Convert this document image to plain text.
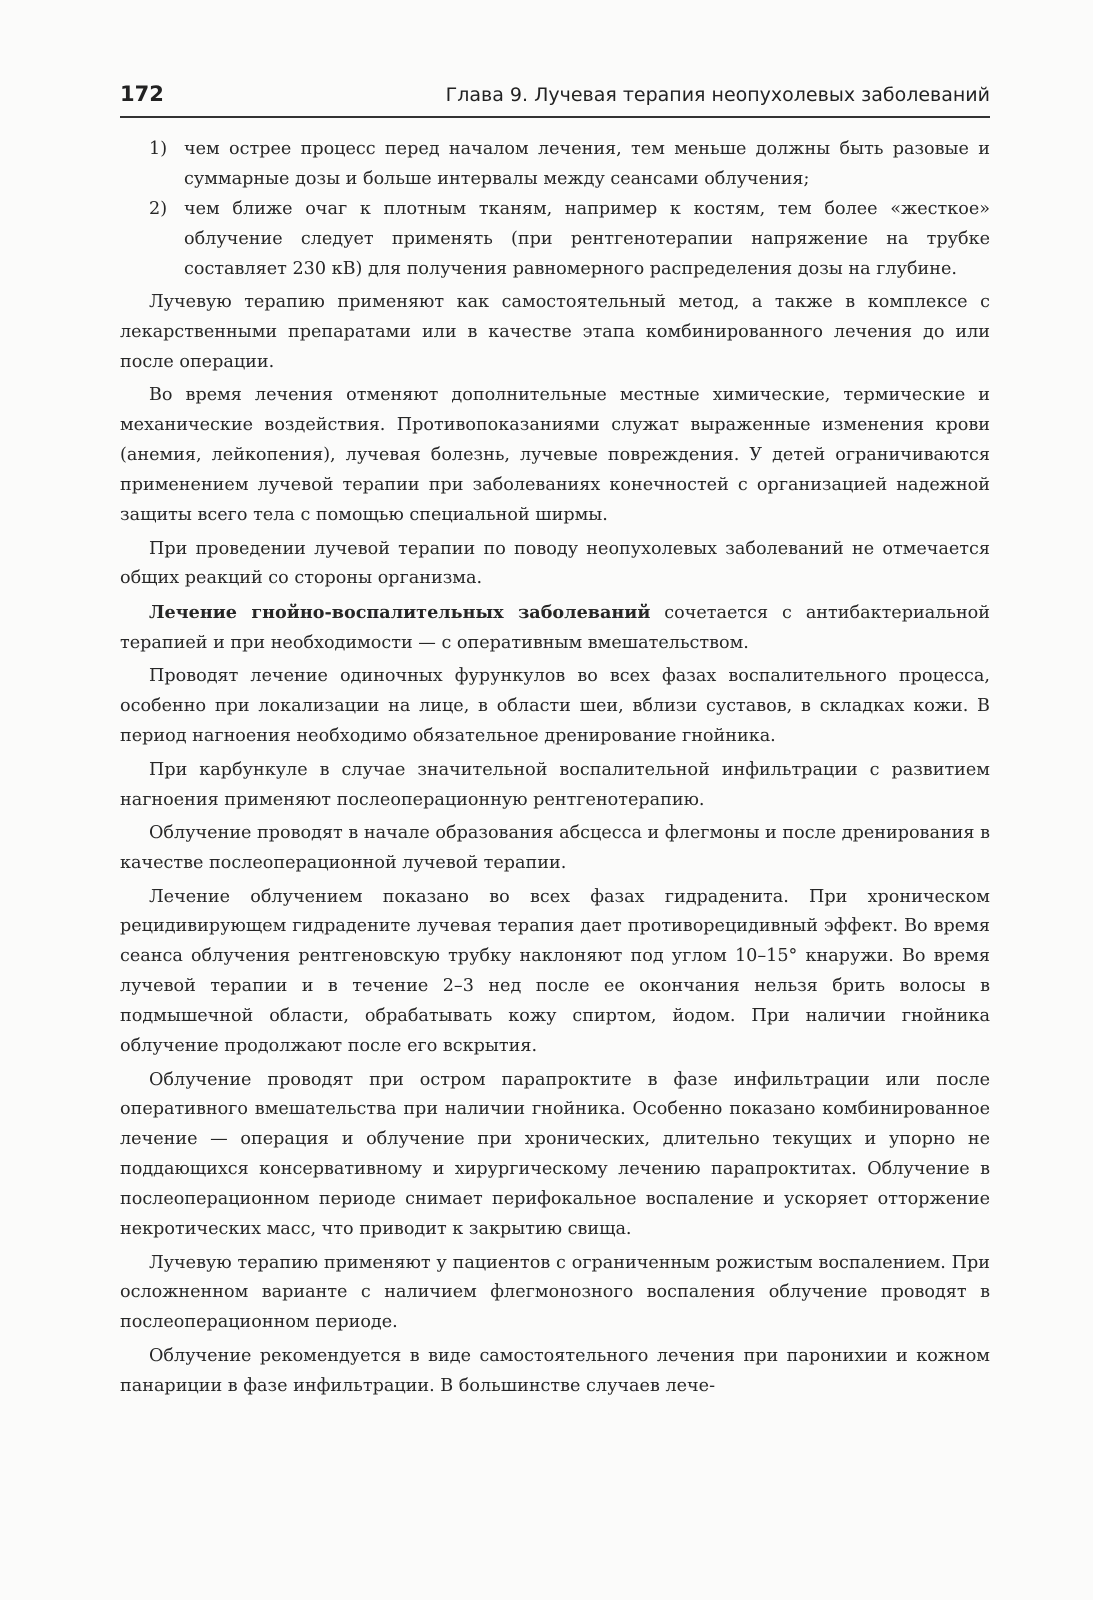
172	Глава 9. Лучевая терапия неопухолевых заболеваний
1) чем острее процесс перед началом лечения, тем меньше должны быть разовые и суммарные дозы и больше интервалы между сеансами облучения;
2) чем ближе очаг к плотным тканям, например к костям, тем более «жесткое» облучение следует применять (при рентгенотерапии напряжение на трубке составляет 230 кВ) для получения равномерного распределения дозы на глубине.

Лучевую терапию применяют как самостоятельный метод, а также в комплексе с лекарственными препаратами или в качестве этапа комбинированного лечения до или после операции.

Во время лечения отменяют дополнительные местные химические, термические и механические воздействия. Противопоказаниями служат выраженные изменения крови (анемия, лейкопения), лучевая болезнь, лучевые повреждения. У детей ограничиваются применением лучевой терапии при заболеваниях конечностей с организацией надежной защиты всего тела с помощью специальной ширмы.

При проведении лучевой терапии по поводу неопухолевых заболеваний не отмечается общих реакций со стороны организма.

Лечение гнойно-воспалительных заболеваний сочетается с антибактериальной терапией и при необходимости — с оперативным вмешательством.

Проводят лечение одиночных фурункулов во всех фазах воспалительного процесса, особенно при локализации на лице, в области шеи, вблизи суставов, в складках кожи. В период нагноения необходимо обязательное дренирование гнойника.

При карбункуле в случае значительной воспалительной инфильтрации с развитием нагноения применяют послеоперационную рентгенотерапию.

Облучение проводят в начале образования абсцесса и флегмоны и после дренирования в качестве послеоперационной лучевой терапии.

Лечение облучением показано во всех фазах гидраденита. При хроническом рецидивирующем гидрадените лучевая терапия дает противорецидивный эффект. Во время сеанса облучения рентгеновскую трубку наклоняют под углом 10–15° кнаружи. Во время лучевой терапии и в течение 2–3 нед после ее окончания нельзя брить волосы в подмышечной области, обрабатывать кожу спиртом, йодом. При наличии гнойника облучение продолжают после его вскрытия.

Облучение проводят при остром парапроктите в фазе инфильтрации или после оперативного вмешательства при наличии гнойника. Особенно показано комбинированное лечение — операция и облучение при хронических, длительно текущих и упорно не поддающихся консервативному и хирургическому лечению парапроктитах. Облучение в послеоперационном периоде снимает перифокальное воспаление и ускоряет отторжение некротических масс, что приводит к закрытию свища.

Лучевую терапию применяют у пациентов с ограниченным рожистым воспалением. При осложненном варианте с наличием флегмонозного воспаления облучение проводят в послеоперационном периоде.

Облучение рекомендуется в виде самостоятельного лечения при паронихии и кожном панариции в фазе инфильтрации. В большинстве случаев лече-
